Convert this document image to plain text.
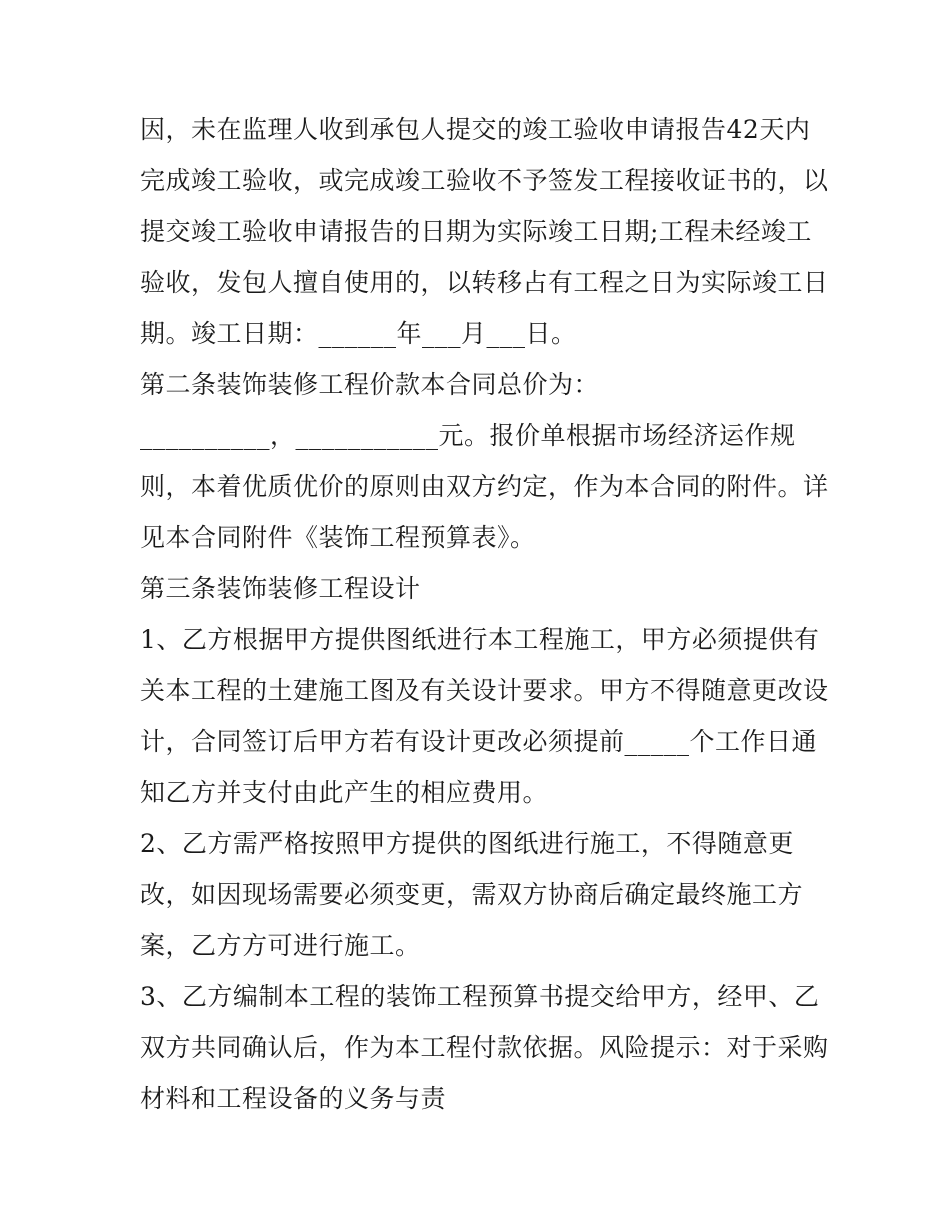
因，未在监理人收到承包人提交的竣工验收申请报告42天内
完成竣工验收，或完成竣工验收不予签发工程接收证书的，以
提交竣工验收申请报告的日期为实际竣工日期;工程未经竣工
验收，发包人擅自使用的，以转移占有工程之日为实际竣工日
期。竣工日期：______年___月___日。
第二条装饰装修工程价款本合同总价为：
__________，___________元。报价单根据市场经济运作规
则，本着优质优价的原则由双方约定，作为本合同的附件。详
见本合同附件《装饰工程预算表》。
第三条装饰装修工程设计
1、乙方根据甲方提供图纸进行本工程施工，甲方必须提供有
关本工程的土建施工图及有关设计要求。甲方不得随意更改设
计，合同签订后甲方若有设计更改必须提前_____个工作日通
知乙方并支付由此产生的相应费用。
2、乙方需严格按照甲方提供的图纸进行施工，不得随意更
改，如因现场需要必须变更，需双方协商后确定最终施工方
案，乙方方可进行施工。
3、乙方编制本工程的装饰工程预算书提交给甲方，经甲、乙
双方共同确认后，作为本工程付款依据。风险提示：对于采购
材料和工程设备的义务与责
